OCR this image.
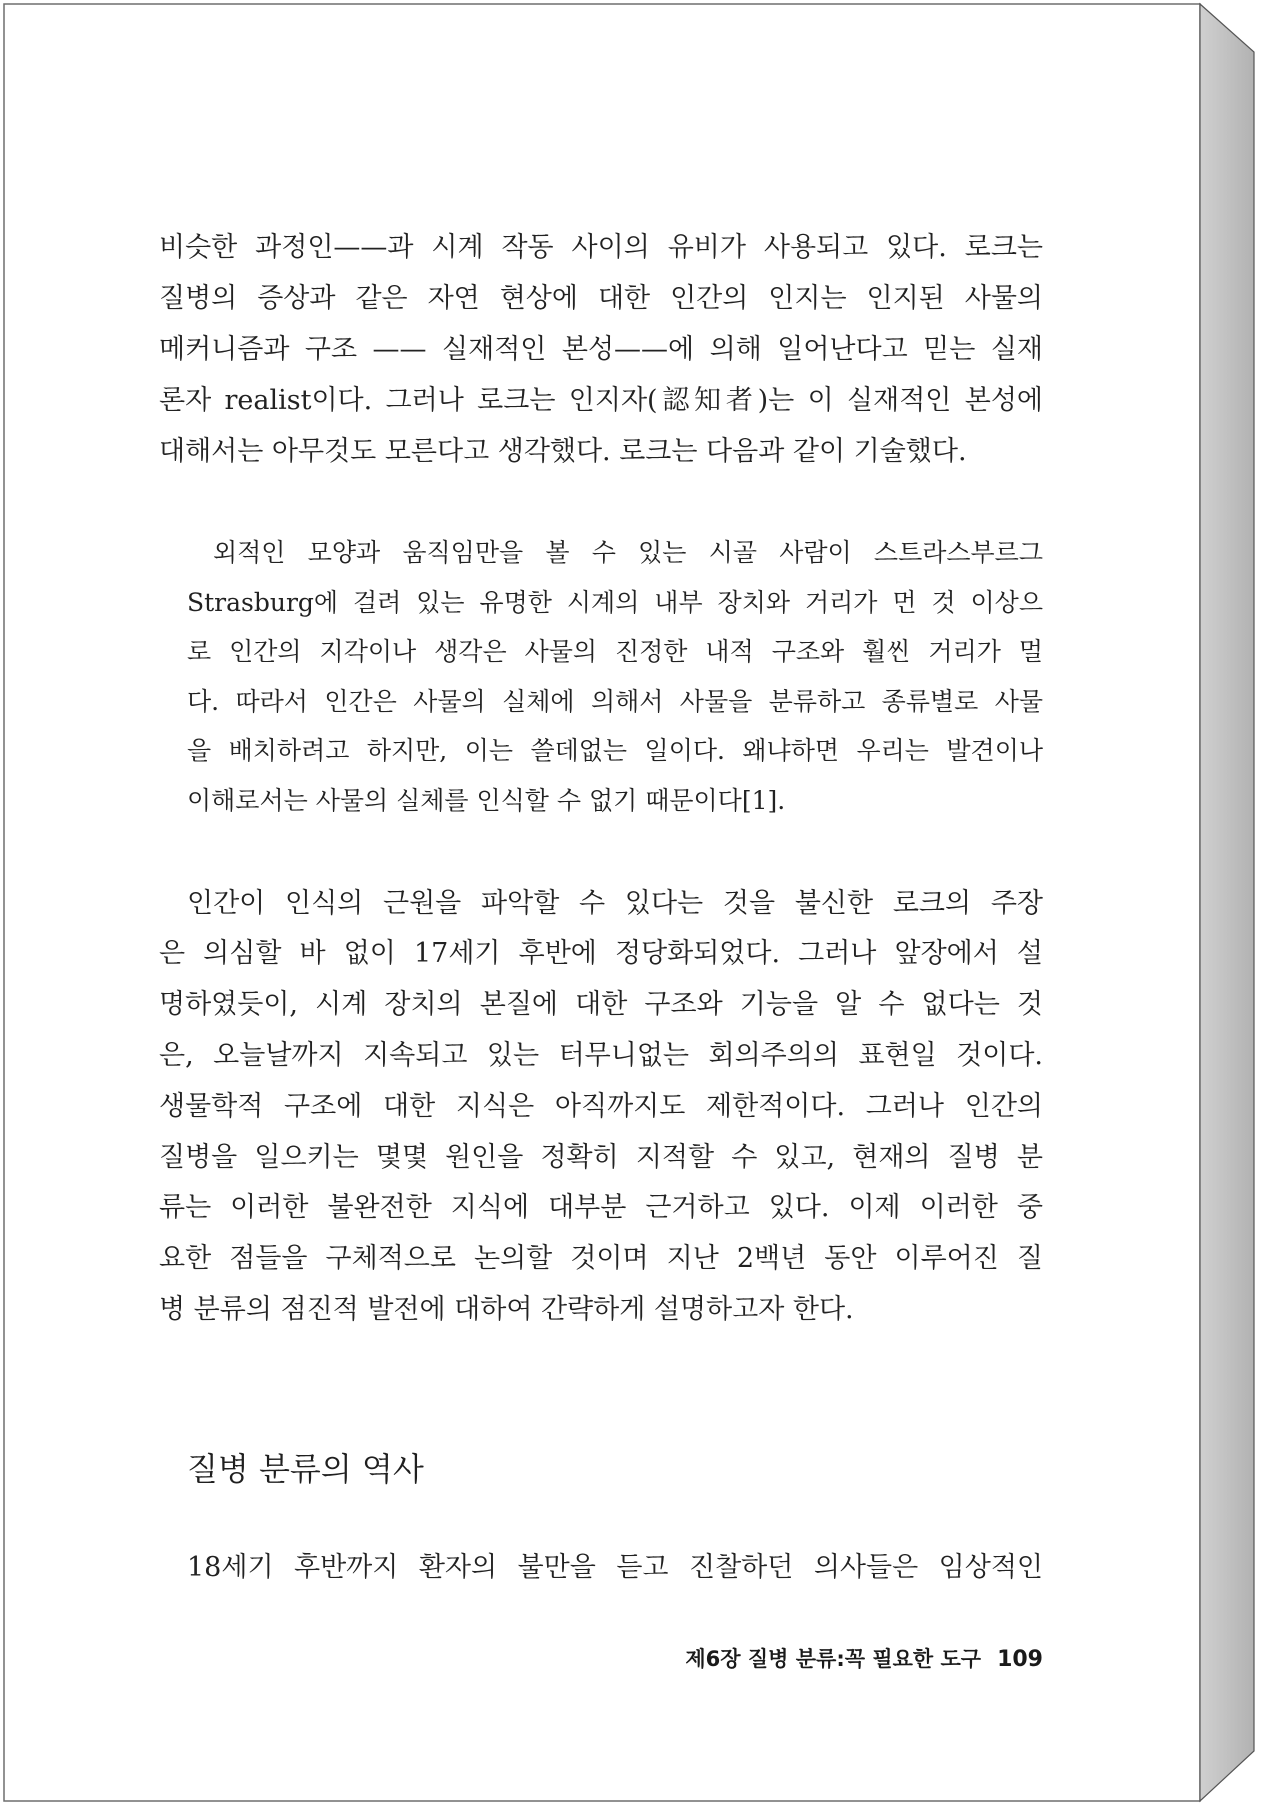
비슷한 과정인——과 시계 작동 사이의 유비가 사용되고 있다. 로크는
질병의 증상과 같은 자연 현상에 대한 인간의 인지는 인지된 사물의
메커니즘과 구조 —— 실재적인 본성——에 의해 일어난다고 믿는 실재
론자 realist이다. 그러나 로크는 인지자(認知者)는 이 실재적인 본성에
대해서는 아무것도 모른다고 생각했다. 로크는 다음과 같이 기술했다.
외적인 모양과 움직임만을 볼 수 있는 시골 사람이 스트라스부르그
Strasburg에 걸려 있는 유명한 시계의 내부 장치와 거리가 먼 것 이상으
로 인간의 지각이나 생각은 사물의 진정한 내적 구조와 훨씬 거리가 멀
다. 따라서 인간은 사물의 실체에 의해서 사물을 분류하고 종류별로 사물
을 배치하려고 하지만, 이는 쓸데없는 일이다. 왜냐하면 우리는 발견이나
이해로서는 사물의 실체를 인식할 수 없기 때문이다[1].
인간이 인식의 근원을 파악할 수 있다는 것을 불신한 로크의 주장
은 의심할 바 없이 17세기 후반에 정당화되었다. 그러나 앞장에서 설
명하였듯이, 시계 장치의 본질에 대한 구조와 기능을 알 수 없다는 것
은, 오늘날까지 지속되고 있는 터무니없는 회의주의의 표현일 것이다.
생물학적 구조에 대한 지식은 아직까지도 제한적이다. 그러나 인간의
질병을 일으키는 몇몇 원인을 정확히 지적할 수 있고, 현재의 질병 분
류는 이러한 불완전한 지식에 대부분 근거하고 있다. 이제 이러한 중
요한 점들을 구체적으로 논의할 것이며 지난 2백년 동안 이루어진 질
병 분류의 점진적 발전에 대하여 간략하게 설명하고자 한다.
질병 분류의 역사
18세기 후반까지 환자의 불만을 듣고 진찰하던 의사들은 임상적인
제6장 질병 분류:꼭 필요한 도구 109
